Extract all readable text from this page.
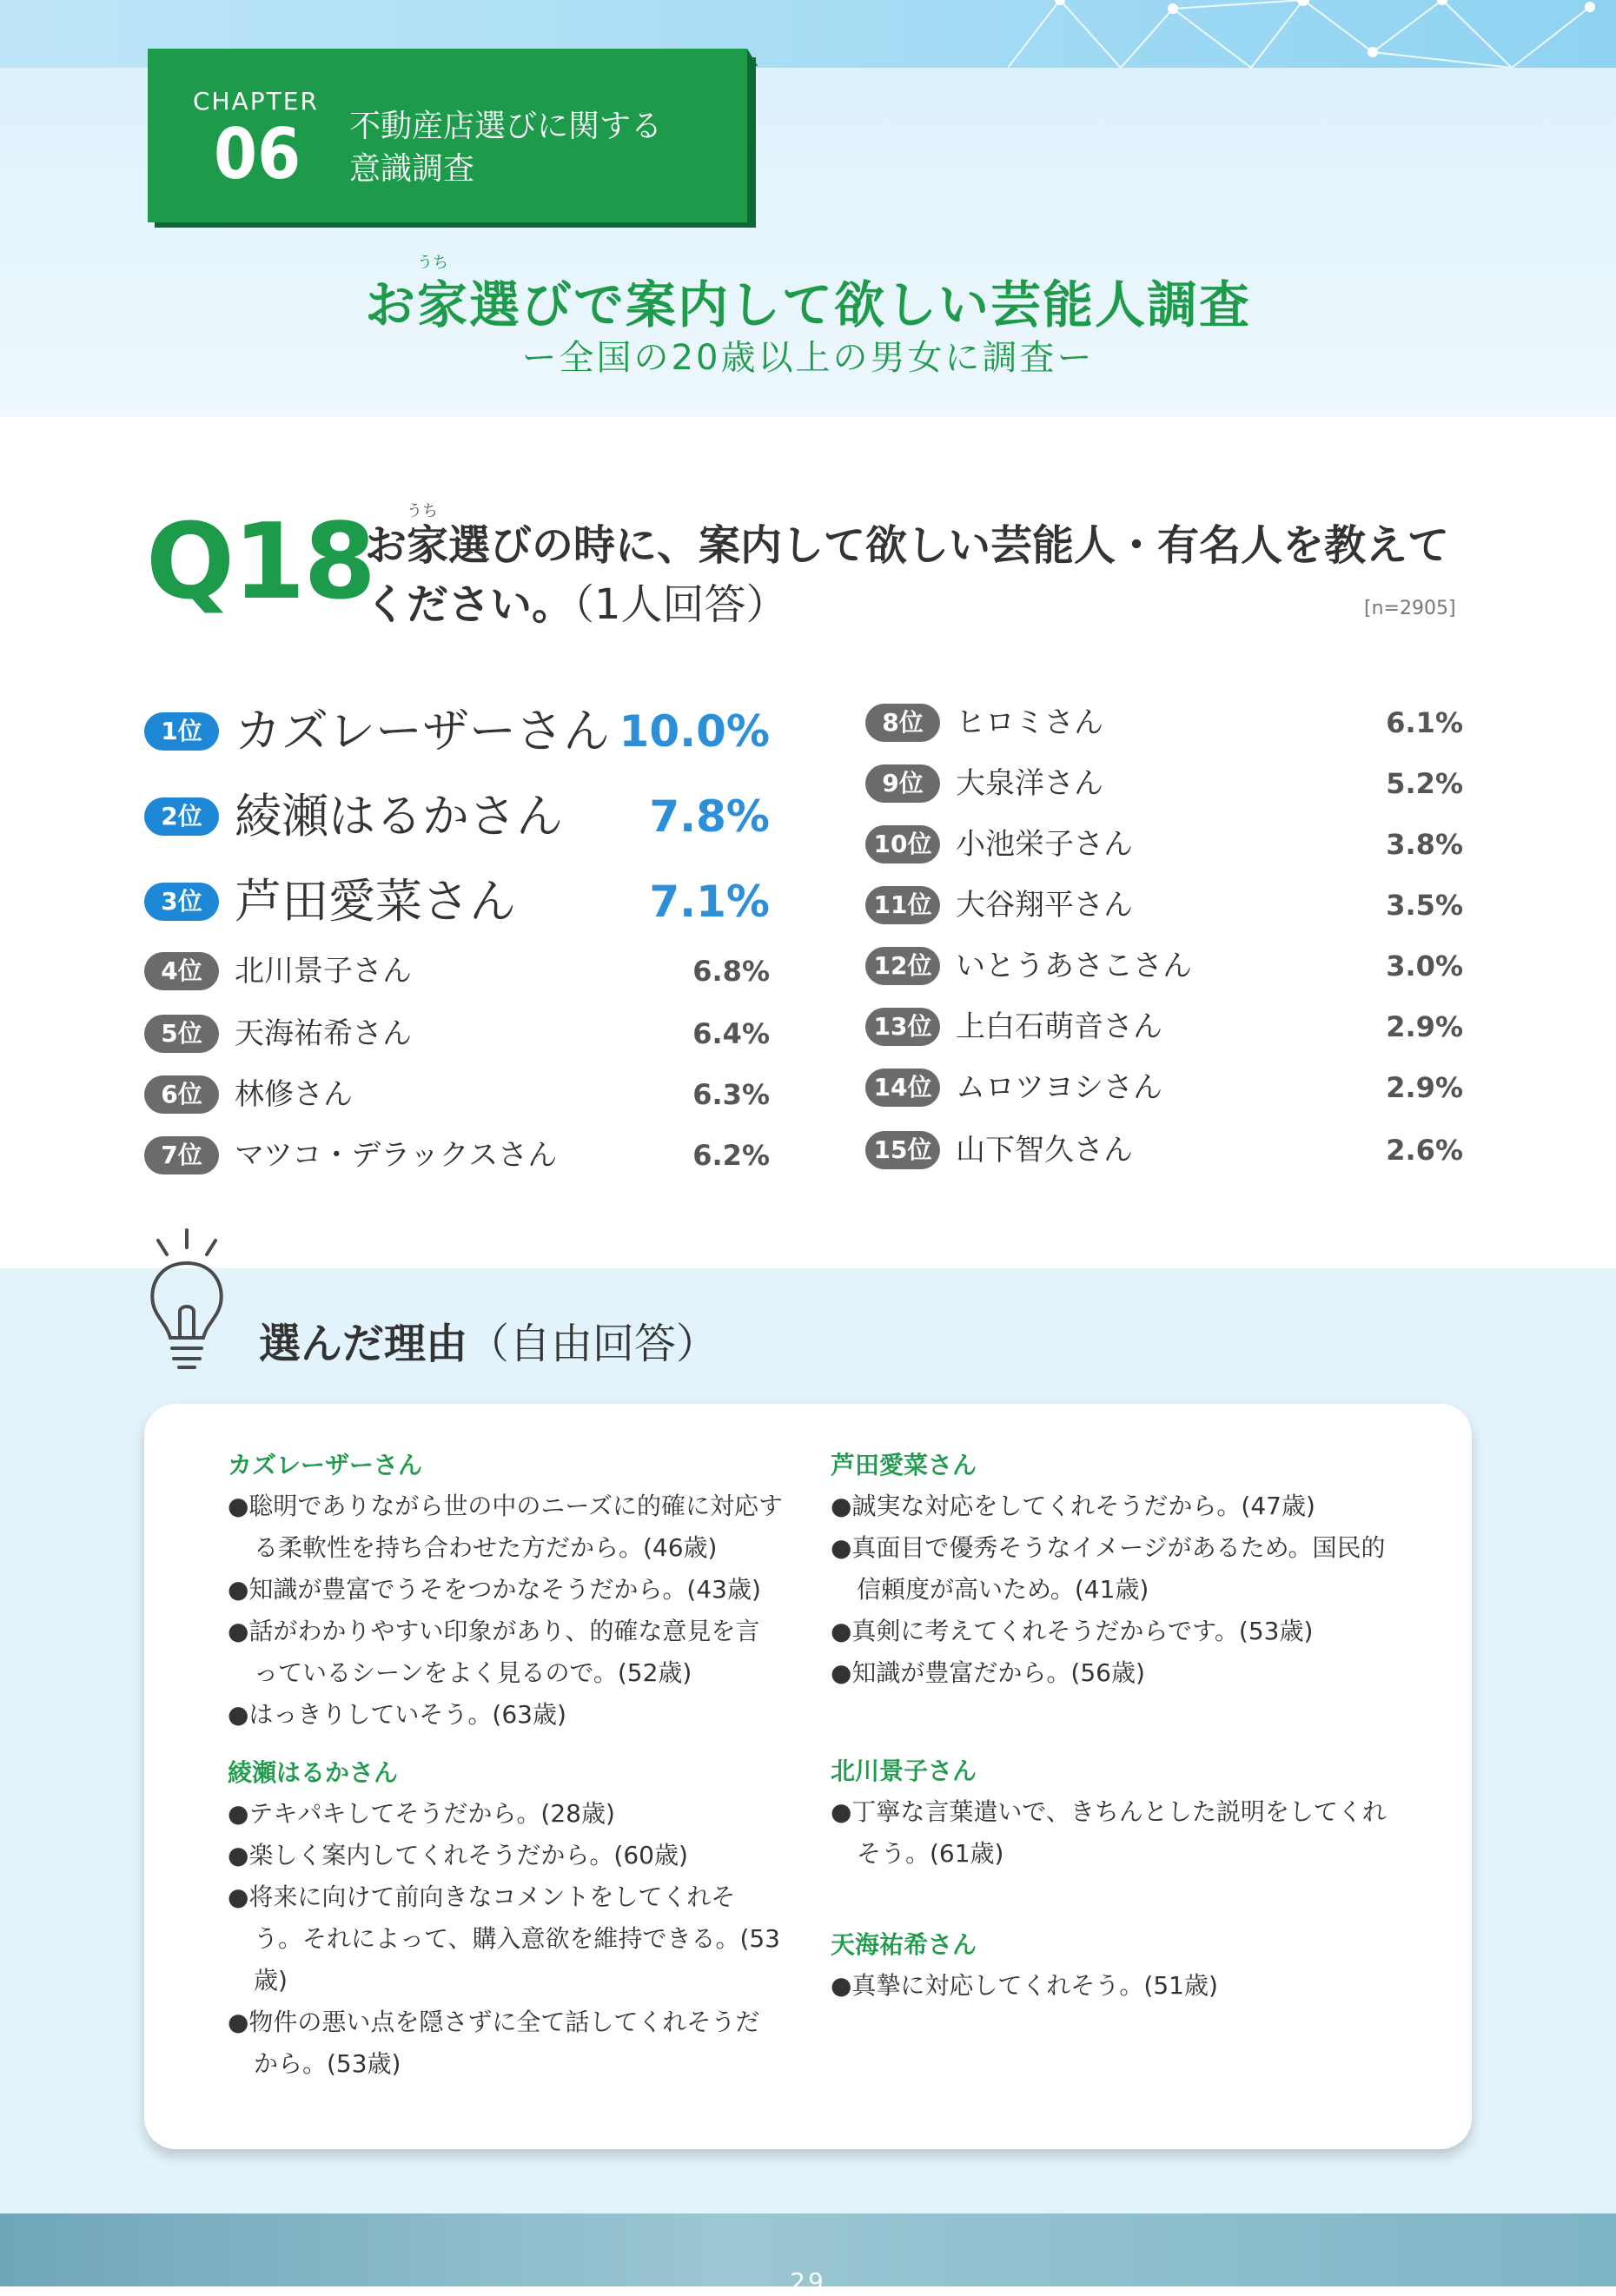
CHAPTER
06 不動産店選びに関する
意識調査
うち
お家選びで案内して欲しい芸能人調査
ー全国の20歳以上の男女に調査ー
Q18 うち
お家選びの時に、案内して欲しい芸能人・有名人を教えて
ください。（1人回答）	[n=2905]
1位 カズレーザーさん 10.0%
2位 綾瀬はるかさん 7.8%
3位 芦田愛菜さん	7.1%
4位	北川景子さん	6.8%
5位	天海祐希さん	6.4%
6位	林修さん	6.3%
7位	マツコ・デラックスさん	6.2%
8位	ヒロミさん	6.1%
9位	大泉洋さん	5.2%
10位 小池栄子さん	3.8%
11位 大谷翔平さん	3.5%
12位 いとうあさこさん	3.0%
13位 上白石萌音さん	2.9%
14位 ムロツヨシさん	2.9%
15位 山下智久さん	2.6%
選んだ理由（自由回答）
カズレーザーさん
●聡明でありながら世の中のニーズに的確に対応する柔軟性を持ち合わせた方だから。(46歳)
●知識が豊富でうそをつかなそうだから。(43歳)
●話がわかりやすい印象があり、的確な意見を言っているシーンをよく見るので。(52歳)
●はっきりしていそう。(63歳)
綾瀬はるかさん
●テキパキしてそうだから。(28歳)
●楽しく案内してくれそうだから。(60歳)
●将来に向けて前向きなコメントをしてくれそう。それによって、購入意欲を維持できる。(53歳)
●物件の悪い点を隠さずに全て話してくれそうだから。(53歳)
芦田愛菜さん
●誠実な対応をしてくれそうだから。(47歳)
●真面目で優秀そうなイメージがあるため。国民的信頼度が高いため。(41歳)
●真剣に考えてくれそうだからです。(53歳)
●知識が豊富だから。(56歳)
北川景子さん
●丁寧な言葉遣いで、きちんとした説明をしてくれそう。(61歳)
天海祐希さん
●真摯に対応してくれそう。(51歳)
29
